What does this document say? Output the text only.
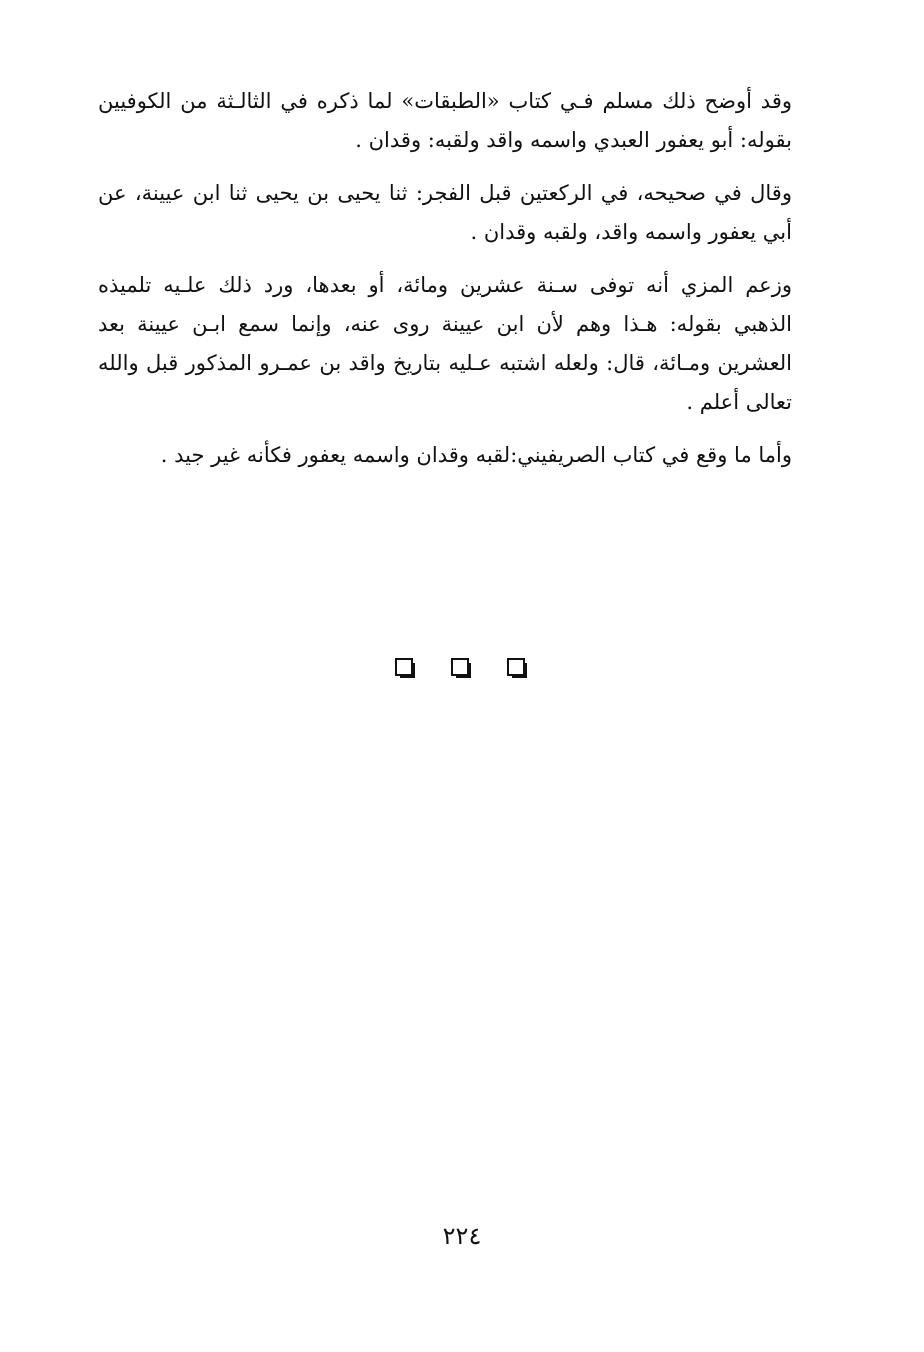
وقد أوضح ذلك مسلم فـي كتاب «الطبقات» لما ذكره في الثالـثة من الكوفيين بقوله: أبو يعفور العبدي واسمه واقد ولقبه: وقدان .

وقال في صحيحه، في الركعتين قبل الفجر: ثنا يحيى بن يحيى ثنا ابن عيينة، عن أبي يعفور واسمه واقد، ولقبه وقدان .

وزعم المزي أنه توفى سـنة عشرين ومائة، أو بعدها، ورد ذلك علـيه تلميذه الذهبي بقوله: هـذا وهم لأن ابن عيينة روى عنه، وإنما سمع ابـن عيينة بعد العشرين ومـائة، قال: ولعله اشتبه عـليه بتاريخ واقد بن عمـرو المذكور قبل والله تعالى أعلم .

وأما ما وقع في كتاب الصريفيني:لقبه وقدان واسمه يعفور فكأنه غير جيد .

٢٢٤
